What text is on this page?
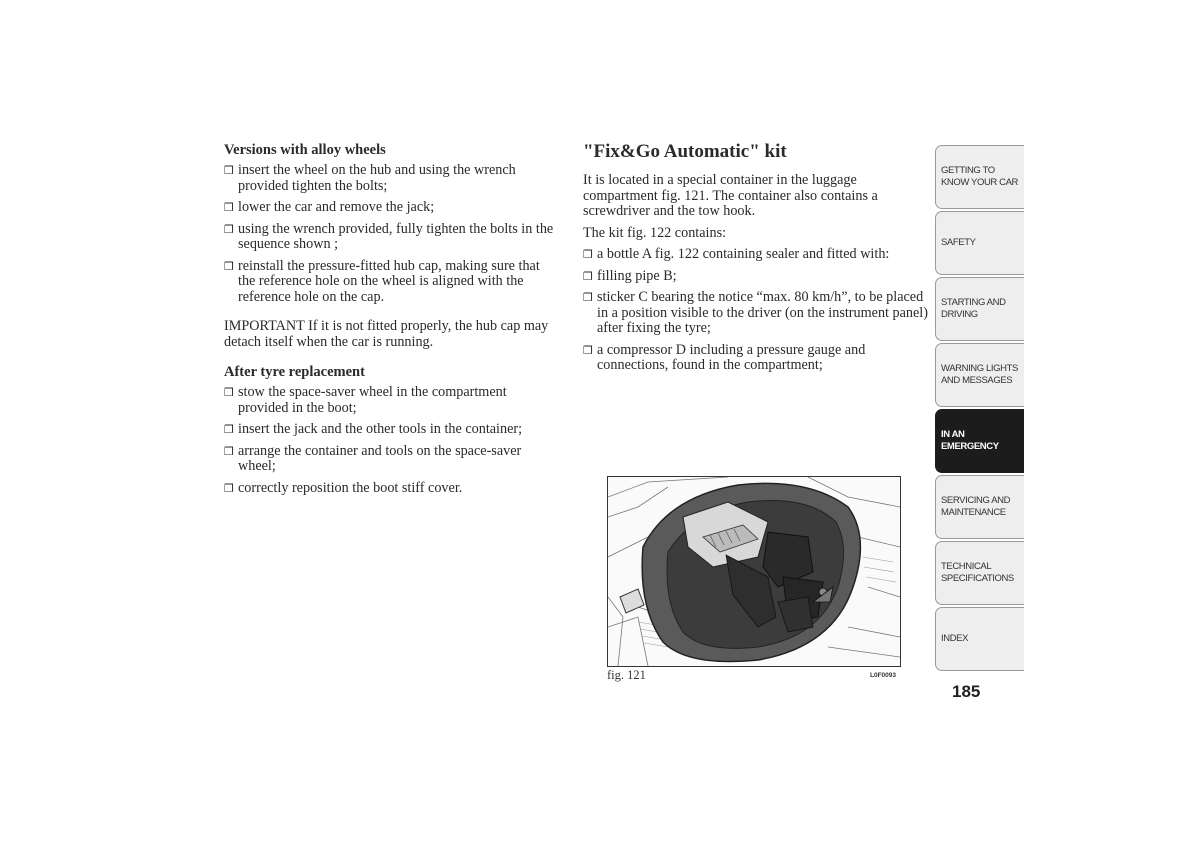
Versions with alloy wheels
❒ insert the wheel on the hub and using the wrench provided tighten the bolts;
❒ lower the car and remove the jack;
❒ using the wrench provided, fully tighten the bolts in the sequence shown ;
❒ reinstall the pressure-fitted hub cap, making sure that the reference hole on the wheel is aligned with the reference hole on the cap.
IMPORTANT If it is not fitted properly, the hub cap may detach itself when the car is running.
After tyre replacement
❒ stow the space-saver wheel in the compartment provided in the boot;
❒ insert the jack and the other tools in the container;
❒ arrange the container and tools on the space-saver wheel;
❒ correctly reposition the boot stiff cover.
"Fix&Go Automatic" kit
It is located in a special container in the luggage compartment fig. 121. The container also contains a screwdriver and the tow hook.
The kit fig. 122 contains:
❒ a bottle A fig. 122 containing sealer and fitted with:
❒ filling pipe B;
❒ sticker C bearing the notice “max. 80 km/h”, to be placed in a position visible to the driver (on the instrument panel) after fixing the tyre;
❒ a compressor D including a pressure gauge and connections, found in the compartment;
fig. 121	L0F0093
GETTING TO KNOW YOUR CAR
SAFETY
STARTING AND DRIVING
WARNING LIGHTS AND MESSAGES
IN AN EMERGENCY
SERVICING AND MAINTENANCE
TECHNICAL SPECIFICATIONS
INDEX
185
